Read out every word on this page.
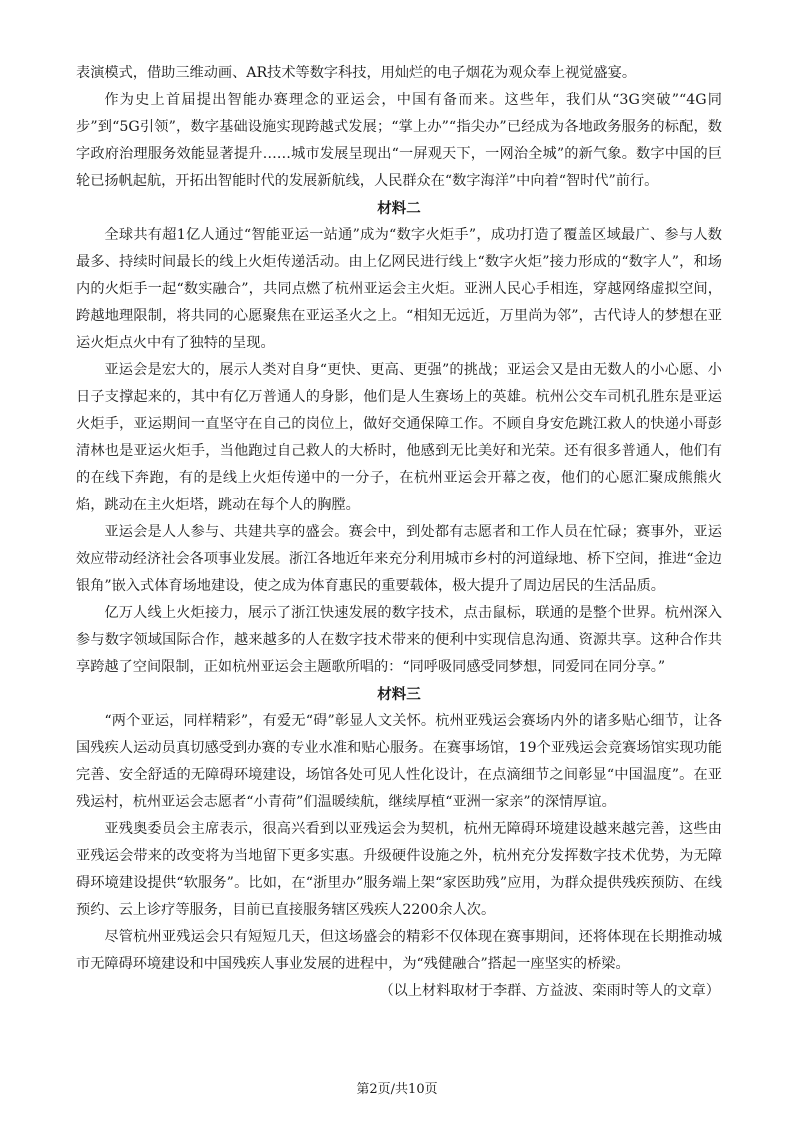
表演模式，借助三维动画、AR技术等数字科技，用灿烂的电子烟花为观众奉上视觉盛宴。

作为史上首届提出智能办赛理念的亚运会，中国有备而来。这些年，我们从“3G突破”“4G同步”到“5G引领”，数字基础设施实现跨越式发展；“掌上办”“指尖办”已经成为各地政务服务的标配，数字政府治理服务效能显著提升……城市发展呈现出“一屏观天下，一网治全城”的新气象。数字中国的巨轮已扬帆起航，开拓出智能时代的发展新航线，人民群众在“数字海洋”中向着“智时代”前行。

材料二

全球共有超1亿人通过“智能亚运一站通”成为“数字火炬手”，成功打造了覆盖区域最广、参与人数最多、持续时间最长的线上火炬传递活动。由上亿网民进行线上“数字火炬”接力形成的“数字人”，和场内的火炬手一起“数实融合”，共同点燃了杭州亚运会主火炬。亚洲人民心手相连，穿越网络虚拟空间，跨越地理限制，将共同的心愿聚焦在亚运圣火之上。“相知无远近，万里尚为邻”，古代诗人的梦想在亚运火炬点火中有了独特的呈现。

亚运会是宏大的，展示人类对自身“更快、更高、更强”的挑战；亚运会又是由无数人的小心愿、小日子支撑起来的，其中有亿万普通人的身影，他们是人生赛场上的英雄。杭州公交车司机孔胜东是亚运火炬手，亚运期间一直坚守在自己的岗位上，做好交通保障工作。不顾自身安危跳江救人的快递小哥彭清林也是亚运火炬手，当他跑过自己救人的大桥时，他感到无比美好和光荣。还有很多普通人，他们有的在线下奔跑，有的是线上火炬传递中的一分子，在杭州亚运会开幕之夜，他们的心愿汇聚成熊熊火焰，跳动在主火炬塔，跳动在每个人的胸膛。

亚运会是人人参与、共建共享的盛会。赛会中，到处都有志愿者和工作人员在忙碌；赛事外，亚运效应带动经济社会各项事业发展。浙江各地近年来充分利用城市乡村的河道绿地、桥下空间，推进“金边银角”嵌入式体育场地建设，使之成为体育惠民的重要载体，极大提升了周边居民的生活品质。

亿万人线上火炬接力，展示了浙江快速发展的数字技术，点击鼠标，联通的是整个世界。杭州深入参与数字领域国际合作，越来越多的人在数字技术带来的便利中实现信息沟通、资源共享。这种合作共享跨越了空间限制，正如杭州亚运会主题歌所唱的：“同呼吸同感受同梦想，同爱同在同分享。”

材料三

“两个亚运，同样精彩”，有爱无“碍”彰显人文关怀。杭州亚残运会赛场内外的诸多贴心细节，让各国残疾人运动员真切感受到办赛的专业水准和贴心服务。在赛事场馆，19个亚残运会竞赛场馆实现功能完善、安全舒适的无障碍环境建设，场馆各处可见人性化设计，在点滴细节之间彰显“中国温度”。在亚残运村，杭州亚运会志愿者“小青荷”们温暖续航，继续厚植“亚洲一家亲”的深情厚谊。

亚残奥委员会主席表示，很高兴看到以亚残运会为契机，杭州无障碍环境建设越来越完善，这些由亚残运会带来的改变将为当地留下更多实惠。升级硬件设施之外，杭州充分发挥数字技术优势，为无障碍环境建设提供“软服务”。比如，在“浙里办”服务端上架“家医助残”应用，为群众提供残疾预防、在线预约、云上诊疗等服务，目前已直接服务辖区残疾人2200余人次。

尽管杭州亚残运会只有短短几天，但这场盛会的精彩不仅体现在赛事期间，还将体现在长期推动城市无障碍环境建设和中国残疾人事业发展的进程中，为“残健融合”搭起一座坚实的桥梁。

（以上材料取材于李群、方益波、栾雨时等人的文章）

第2页/共10页
